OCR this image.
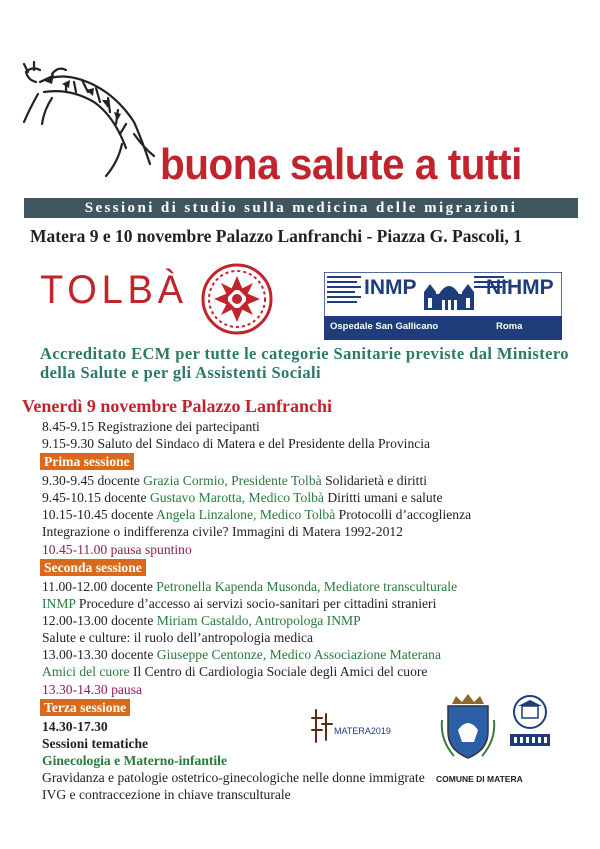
buona salute a tutti
Sessioni di studio sulla medicina delle migrazioni
Matera 9 e 10 novembre Palazzo Lanfranchi - Piazza G. Pascoli, 1
TOLBÀ	INMP	NIHMP
Ospedale San Gallicano	Roma
Accreditato ECM per tutte le categorie Sanitarie previste dal Ministero della Salute e per gli Assistenti Sociali
Venerdì 9 novembre Palazzo Lanfranchi
8.45-9.15 Registrazione dei partecipanti
9.15-9.30 Saluto del Sindaco di Matera e del Presidente della Provincia
Prima sessione
9.30-9.45 docente Grazia Cormio, Presidente Tolbà Solidarietà e diritti
9.45-10.15 docente Gustavo Marotta, Medico Tolbà Diritti umani e salute
10.15-10.45 docente Angela Linzalone, Medico Tolbà Protocolli d’accoglienza
Integrazione o indifferenza civile? Immagini di Matera 1992-2012
10.45-11.00 pausa spuntino
Seconda sessione
11.00-12.00 docente Petronella Kapenda Musonda, Mediatore transculturale
INMP Procedure d’accesso ai servizi socio-sanitari per cittadini stranieri
12.00-13.00 docente Miriam Castaldo, Antropologa INMP
Salute e culture: il ruolo dell’antropologia medica
13.00-13.30 docente Giuseppe Centonze, Medico Associazione Materana
Amici del cuore Il Centro di Cardiologia Sociale degli Amici del cuore
13.30-14.30 pausa
Terza sessione
14.30-17.30
Sessioni tematiche
Ginecologia e Materno-infantile
Gravidanza e patologie ostetrico-ginecologiche nelle donne immigrate
IVG e contraccezione in chiave transculturale
MATERA2019
COMUNE DI MATERA
